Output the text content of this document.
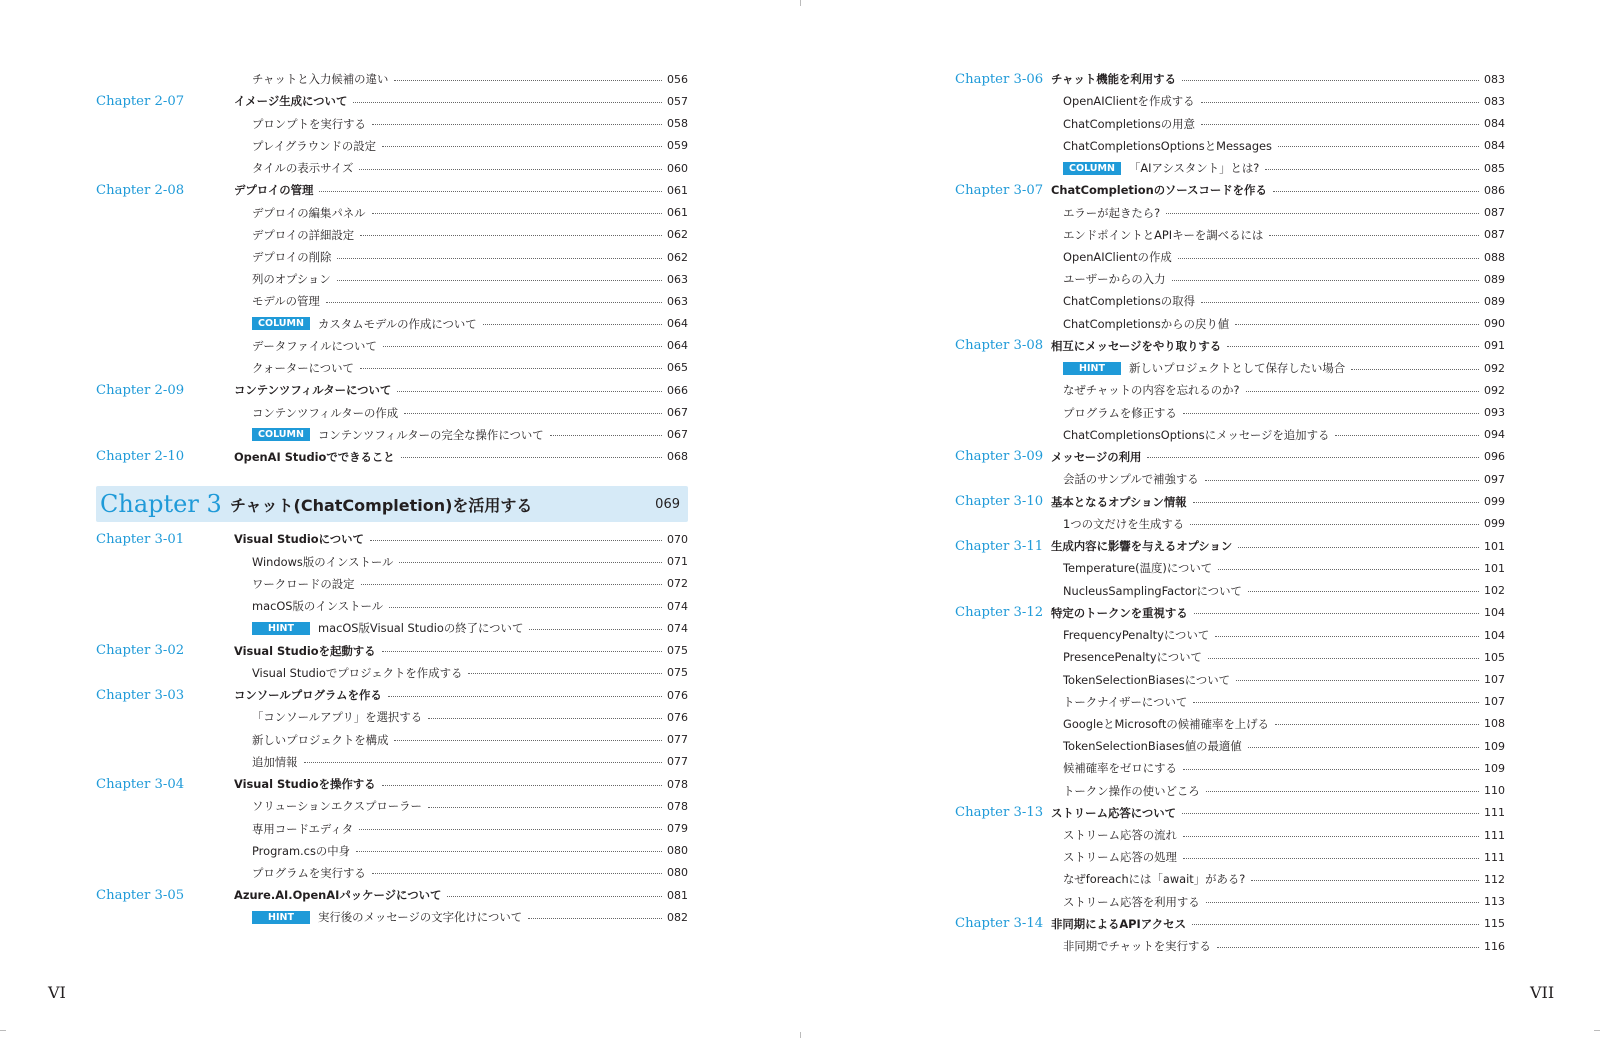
チャットと入力候補の違い	056
Chapter 2-07	イメージ生成について	057
プロンプトを実行する	058
プレイグラウンドの設定	059
タイルの表示サイズ	060
Chapter 2-08	デプロイの管理	061
デプロイの編集パネル	061
デプロイの詳細設定	062
デプロイの削除	062
列のオプション	063
モデルの管理	063
COLUMN	カスタムモデルの作成について	064
データファイルについて	064
クォーターについて	065
Chapter 2-09	コンテンツフィルターについて	066
コンテンツフィルターの作成	067
COLUMN	コンテンツフィルターの完全な操作について	067
Chapter 2-10	OpenAI Studioでできること	068
Chapter 3 チャット(ChatCompletion)を活用する	069
Chapter 3-01	Visual Studioについて	070
Windows版のインストール	071
ワークロードの設定	072
macOS版のインストール	074
HINT	macOS版Visual Studioの終了について	074
Chapter 3-02	Visual Studioを起動する	075
Visual Studioでプロジェクトを作成する	075
Chapter 3-03	コンソールプログラムを作る	076
「コンソールアプリ」を選択する	076
新しいプロジェクトを構成	077
追加情報	077
Chapter 3-04	Visual Studioを操作する	078
ソリューションエクスプローラー	078
専用コードエディタ	079
Program.csの中身	080
プログラムを実行する	080
Chapter 3-05	Azure.AI.OpenAIパッケージについて	081
HINT	実行後のメッセージの文字化けについて	082
Chapter 3-06 チャット機能を利用する	083
OpenAIClientを作成する	083
ChatCompletionsの用意	084
ChatCompletionsOptionsとMessages	084
COLUMN	「AIアシスタント」とは?	085
Chapter 3-07 ChatCompletionのソースコードを作る	086
エラーが起きたら?	087
エンドポイントとAPIキーを調べるには	087
OpenAIClientの作成	088
ユーザーからの入力	089
ChatCompletionsの取得	089
ChatCompletionsからの戻り値	090
Chapter 3-08 相互にメッセージをやり取りする	091
HINT	新しいプロジェクトとして保存したい場合	092
なぜチャットの内容を忘れるのか?	092
プログラムを修正する	093
ChatCompletionsOptionsにメッセージを追加する	094
Chapter 3-09 メッセージの利用	096
会話のサンプルで補強する	097
Chapter 3-10 基本となるオプション情報	099
1つの文だけを生成する	099
Chapter 3-11 生成内容に影響を与えるオプション	101
Temperature(温度)について	101
NucleusSamplingFactorについて	102
Chapter 3-12 特定のトークンを重視する	104
FrequencyPenaltyについて	104
PresencePenaltyについて	105
TokenSelectionBiasesについて	107
トークナイザーについて	107
GoogleとMicrosoftの候補確率を上げる	108
TokenSelectionBiases値の最適値	109
候補確率をゼロにする	109
トークン操作の使いどころ	110
Chapter 3-13 ストリーム応答について	111
ストリーム応答の流れ	111
ストリーム応答の処理	111
なぜforeachには「await」がある?	112
ストリーム応答を利用する	113
Chapter 3-14 非同期によるAPIアクセス	115
非同期でチャットを実行する	116
VI	VII
